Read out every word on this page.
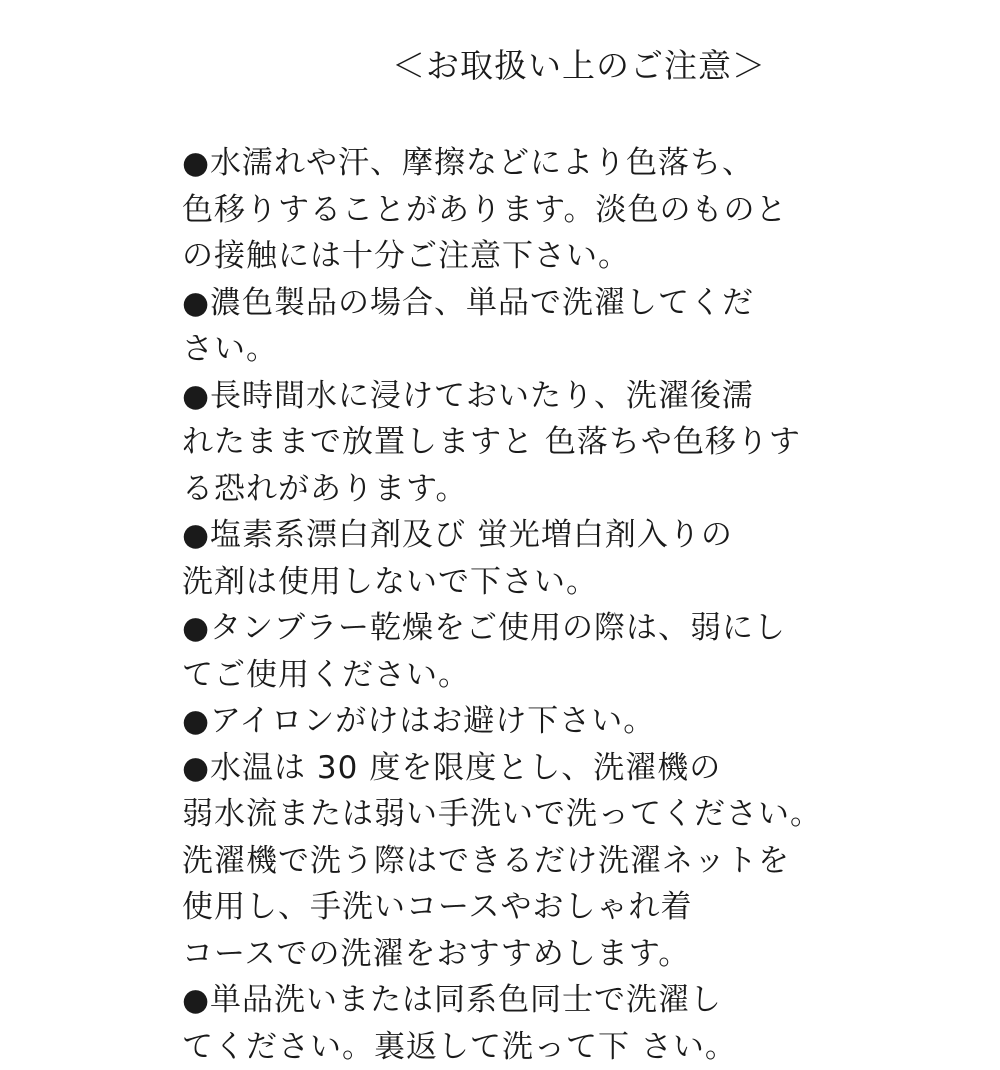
＜お取扱い上のご注意＞
●水濡れや汗、摩擦などにより色落ち、
色移りすることがあります。淡色のものと
の接触には十分ご注意下さい。
●濃色製品の場合、単品で洗濯してくだ
さい。
●長時間水に浸けておいたり、洗濯後濡
れたままで放置しますと 色落ちや色移りす
る恐れがあります。
●塩素系漂白剤及び 蛍光増白剤入りの
洗剤は使用しないで下さい。
●タンブラー乾燥をご使用の際は、弱にし
てご使用ください。
●アイロンがけはお避け下さい。
●水温は 30 度を限度とし、洗濯機の
弱水流または弱い手洗いで洗ってください。
洗濯機で洗う際はできるだけ洗濯ネットを
使用し、手洗いコースやおしゃれ着
コースでの洗濯をおすすめします。
●単品洗いまたは同系色同士で洗濯し
てください。裏返して洗って下 さい。
